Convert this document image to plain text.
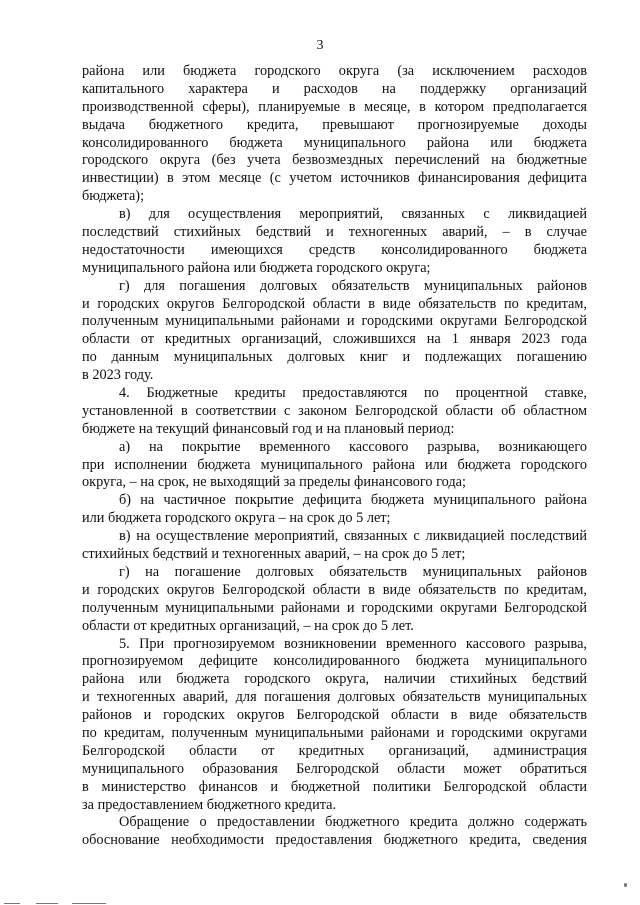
3
района или бюджета городского округа (за исключением расходов
капитального характера и расходов на поддержку организаций
производственной сферы), планируемые в месяце, в котором предполагается
выдача бюджетного кредита, превышают прогнозируемые доходы
консолидированного бюджета муниципального района или бюджета
городского округа (без учета безвозмездных перечислений на бюджетные
инвестиции) в этом месяце (с учетом источников финансирования дефицита
бюджета);
в) для осуществления мероприятий, связанных с ликвидацией
последствий стихийных бедствий и техногенных аварий, – в случае
недостаточности имеющихся средств консолидированного бюджета
муниципального района или бюджета городского округа;
г) для погашения долговых обязательств муниципальных районов
и городских округов Белгородской области в виде обязательств по кредитам,
полученным муниципальными районами и городскими округами Белгородской
области от кредитных организаций, сложившихся на 1 января 2023 года
по данным муниципальных долговых книг и подлежащих погашению
в 2023 году.
4. Бюджетные кредиты предоставляются по процентной ставке,
установленной в соответствии с законом Белгородской области об областном
бюджете на текущий финансовый год и на плановый период:
а) на покрытие временного кассового разрыва, возникающего
при исполнении бюджета муниципального района или бюджета городского
округа, – на срок, не выходящий за пределы финансового года;
б) на частичное покрытие дефицита бюджета муниципального района
или бюджета городского округа – на срок до 5 лет;
в) на осуществление мероприятий, связанных с ликвидацией последствий
стихийных бедствий и техногенных аварий, – на срок до 5 лет;
г) на погашение долговых обязательств муниципальных районов
и городских округов Белгородской области в виде обязательств по кредитам,
полученным муниципальными районами и городскими округами Белгородской
области от кредитных организаций, – на срок до 5 лет.
5. При прогнозируемом возникновении временного кассового разрыва,
прогнозируемом дефиците консолидированного бюджета муниципального
района или бюджета городского округа, наличии стихийных бедствий
и техногенных аварий, для погашения долговых обязательств муниципальных
районов и городских округов Белгородской области в виде обязательств
по кредитам, полученным муниципальными районами и городскими округами
Белгородской области от кредитных организаций, администрация
муниципального образования Белгородской области может обратиться
в министерство финансов и бюджетной политики Белгородской области
за предоставлением бюджетного кредита.
Обращение о предоставлении бюджетного кредита должно содержать
обоснование необходимости предоставления бюджетного кредита, сведения
